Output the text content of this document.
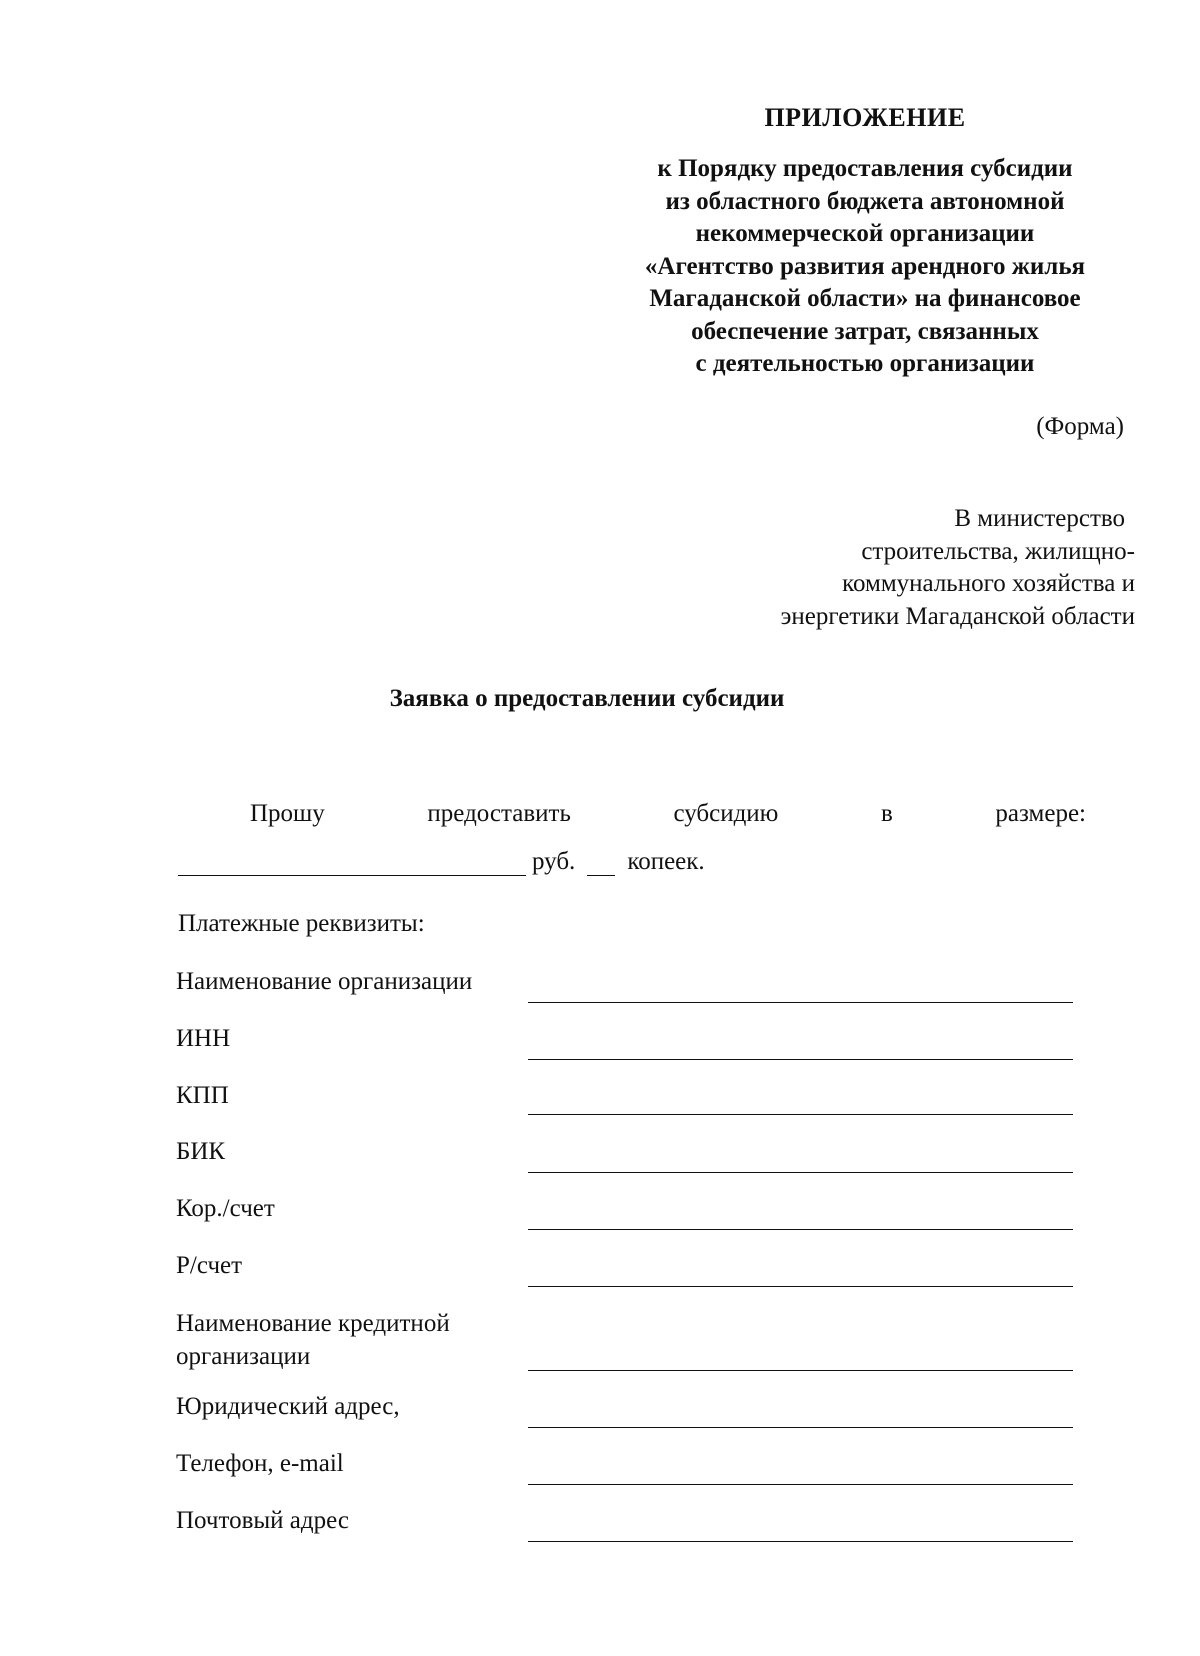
ПРИЛОЖЕНИЕ

к Порядку предоставления субсидии

из областного бюджета автономной

некоммерческой организации

«Агентство развития арендного жилья

Магаданской области» на финансовое

обеспечение затрат, связанных

с деятельностью организации

(Форма)
В министерство
строительства, жилищно-
коммунального хозяйства и
энергетики Магаданской области
Заявка о предоставлении субсидии
Прошу	предоставить	субсидию	в	размере:
руб. копеек.
Платежные реквизиты:
Наименование организации
ИНН
КПП
БИК
Кор./счет
Р/счет
Наименование кредитной
организации
Юридический адрес,
Телефон, e-mail
Почтовый адрес
